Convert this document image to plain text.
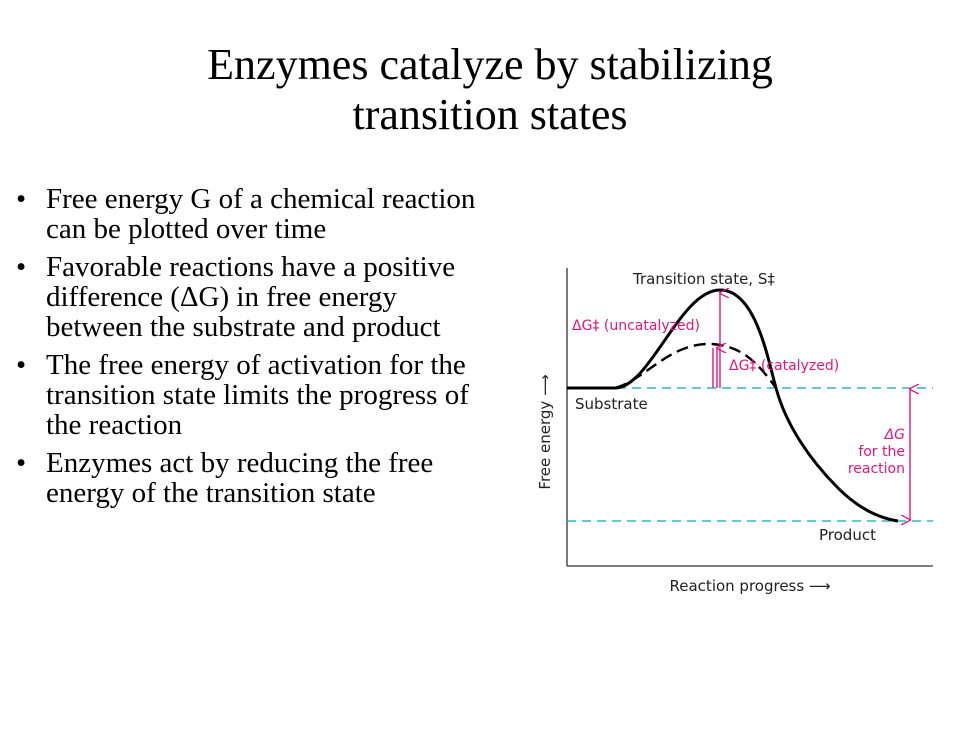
Enzymes catalyze by stabilizing
transition states
• Free energy G of a chemical reaction can be plotted over time
• Favorable reactions have a positive difference (ΔG) in free energy between the substrate and product
• The free energy of activation for the transition state limits the progress of the reaction
• Enzymes act by reducing the free energy of the transition state
Transition state, S‡
ΔG‡ (uncatalyzed)
ΔG‡ (catalyzed)
Substrate
Product
ΔG
for the
reaction
Free energy ⟶
Reaction progress ⟶
